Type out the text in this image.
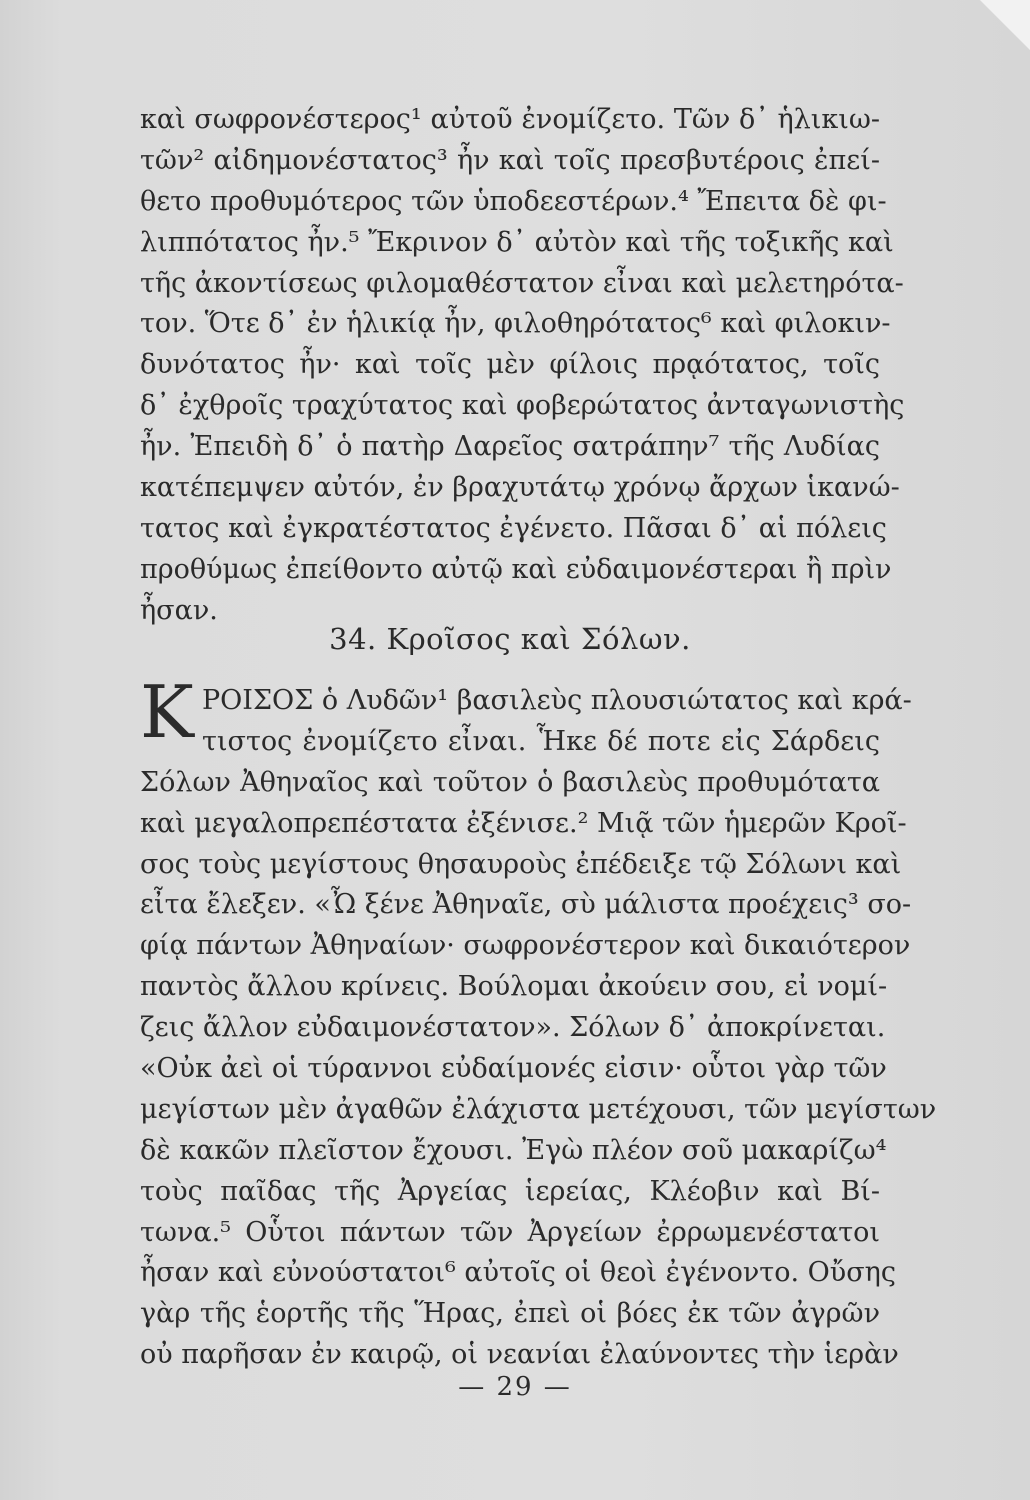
καὶ σωφρονέστερος¹ αὐτοῦ ἐνομίζετο. Τῶν δ᾽ ἡλικιω-
τῶν² αἰδημονέστατος³ ἦν καὶ τοῖς πρεσβυτέροις ἐπεί-
θετο προθυμότερος τῶν ὑποδεεστέρων.⁴ Ἔπειτα δὲ φι-
λιππότατος ἦν.⁵ Ἔκρινον δ᾽ αὐτὸν καὶ τῆς τοξικῆς καὶ
τῆς ἀκοντίσεως φιλομαθέστατον εἶναι καὶ μελετηρότα-
τον. Ὅτε δ᾽ ἐν ἡλικίᾳ ἦν, φιλοθηρότατος⁶ καὶ φιλοκιν-
δυνότατος ἦν· καὶ τοῖς μὲν φίλοις πρᾳότατος, τοῖς
δ᾽ ἐχθροῖς τραχύτατος καὶ φοβερώτατος ἀνταγωνιστὴς
ἦν. Ἐπειδὴ δ᾽ ὁ πατὴρ Δαρεῖος σατράπην⁷ τῆς Λυδίας
κατέπεμψεν αὐτόν, ἐν βραχυτάτῳ χρόνῳ ἄρχων ἱκανώ-
τατος καὶ ἐγκρατέστατος ἐγένετο. Πᾶσαι δ᾽ αἱ πόλεις
προθύμως ἐπείθοντο αὐτῷ καὶ εὐδαιμονέστεραι ἢ πρὶν
ἦσαν.
34. Κροῖσος καὶ Σόλων.
K ΡΟΙΣΟΣ ὁ Λυδῶν¹ βασιλεὺς πλουσιώτατος καὶ κρά-
τιστος ἐνομίζετο εἶναι. Ἧκε δέ ποτε εἰς Σάρδεις
Σόλων Ἀθηναῖος καὶ τοῦτον ὁ βασιλεὺς προθυμότατα
καὶ μεγαλοπρεπέστατα ἐξένισε.² Μιᾷ τῶν ἡμερῶν Κροῖ-
σος τοὺς μεγίστους θησαυροὺς ἐπέδειξε τῷ Σόλωνι καὶ
εἶτα ἔλεξεν. «Ὦ ξένε Ἀθηναῖε, σὺ μάλιστα προέχεις³ σο-
φίᾳ πάντων Ἀθηναίων· σωφρονέστερον καὶ δικαιότερον
παντὸς ἄλλου κρίνεις. Βούλομαι ἀκούειν σου, εἰ νομί-
ζεις ἄλλον εὐδαιμονέστατον». Σόλων δ᾽ ἀποκρίνεται.
«Οὐκ ἀεὶ οἱ τύραννοι εὐδαίμονές εἰσιν· οὗτοι γὰρ τῶν
μεγίστων μὲν ἀγαθῶν ἐλάχιστα μετέχουσι, τῶν μεγίστων
δὲ κακῶν πλεῖστον ἔχουσι. Ἐγὼ πλέον σοῦ μακαρίζω⁴
τοὺς παῖδας τῆς Ἀργείας ἱερείας, Κλέοβιν καὶ Βί-
τωνα.⁵ Οὗτοι πάντων τῶν Ἀργείων ἐρρωμενέστατοι
ἦσαν καὶ εὐνούστατοι⁶ αὐτοῖς οἱ θεοὶ ἐγένοντο. Οὔσης
γὰρ τῆς ἑορτῆς τῆς Ἥρας, ἐπεὶ οἱ βόες ἐκ τῶν ἀγρῶν
οὐ παρῆσαν ἐν καιρῷ, οἱ νεανίαι ἐλαύνοντες τὴν ἱερὰν
— 29 —
